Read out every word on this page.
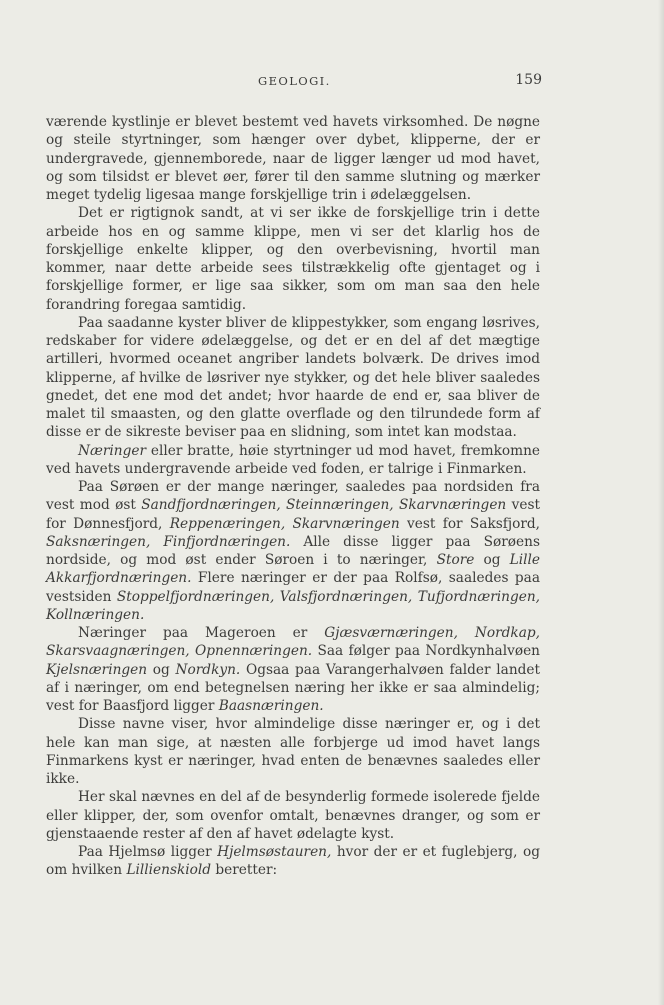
GEOLOGI.	159

værende kystlinje er blevet bestemt ved havets virksomhed. De nøgne og steile styrtninger, som hænger over dybet, klipperne, der er undergravede, gjennemborede, naar de ligger længer ud mod havet, og som tilsidst er blevet øer, fører til den samme slutning og mærker meget tydelig ligesaa mange forskjellige trin i ødelæggelsen.

Det er rigtignok sandt, at vi ser ikke de forskjellige trin i dette arbeide hos en og samme klippe, men vi ser det klarlig hos de forskjellige enkelte klipper, og den overbevisning, hvortil man kommer, naar dette arbeide sees tilstrækkelig ofte gjentaget og i forskjellige former, er lige saa sikker, som om man saa den hele forandring foregaa samtidig.

Paa saadanne kyster bliver de klippestykker, som engang løsrives, redskaber for videre ødelæggelse, og det er en del af det mægtige artilleri, hvormed oceanet angriber landets bolværk. De drives imod klipperne, af hvilke de løsriver nye stykker, og det hele bliver saaledes gnedet, det ene mod det andet; hvor haarde de end er, saa bliver de malet til smaasten, og den glatte overflade og den tilrundede form af disse er de sikreste beviser paa en slidning, som intet kan modstaa.

Næringer eller bratte, høie styrtninger ud mod havet, fremkomne ved havets undergravende arbeide ved foden, er talrige i Finmarken.

Paa Sørøen er der mange næringer, saaledes paa nordsiden fra vest mod øst Sandfjordnæringen, Steinnæringen, Skarvnæringen vest for Dønnesfjord, Reppenæringen, Skarvnæringen vest for Saksfjord, Saksnæringen, Finfjordnæringen. Alle disse ligger paa Sørøens nordside, og mod øst ender Søroen i to næringer, Store og Lille Akkarfjordnæringen. Flere næringer er der paa Rolfsø, saaledes paa vestsiden Stoppelfjordnæringen, Valsfjordnæringen, Tufjordnæringen, Kollnæringen.

Næringer paa Mageroen er Gjæsværnæringen, Nordkap, Skarsvaagnæringen, Opnennæringen. Saa følger paa Nordkynhalvøen Kjelsnæringen og Nordkyn. Ogsaa paa Varangerhalvøen falder landet af i næringer, om end betegnelsen næring her ikke er saa almindelig; vest for Baasfjord ligger Baasnæringen.

Disse navne viser, hvor almindelige disse næringer er, og i det hele kan man sige, at næsten alle forbjerge ud imod havet langs Finmarkens kyst er næringer, hvad enten de benævnes saaledes eller ikke.

Her skal nævnes en del af de besynderlig formede isolerede fjelde eller klipper, der, som ovenfor omtalt, benævnes dranger, og som er gjenstaaende rester af den af havet ødelagte kyst.

Paa Hjelmsø ligger Hjelmsøstauren, hvor der er et fuglebjerg, og om hvilken Lillienskiold beretter:
